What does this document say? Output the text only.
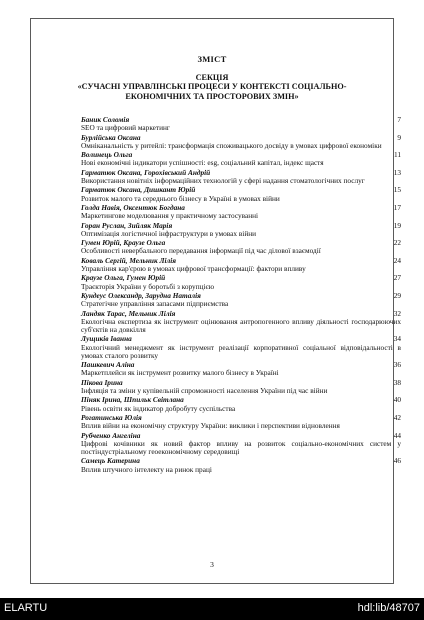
ЗМІСТ
СЕКЦІЯ
«СУЧАСНІ УПРАВЛІНСЬКІ ПРОЦЕСИ У КОНТЕКСТІ СОЦІАЛЬНО-
ЕКОНОМІЧНИХ ТА ПРОСТОРОВИХ ЗМІН»
Баник Соломія
SEO та цифровий маркетинг
7
Бурлійська Оксана
Омніканальність у ритейлі: трансформація споживацького досвіду в умовах цифрової економіки
9
Волинець Ольга
Нові економічні індикатори успішності: esg, соціальний капітал, індекс щастя
11
Гарматюк Оксана, Горохівський Андрій
Використання новітніх інформаційних технологій у сфері надання стоматологічних послуг
13
Гарматюк Оксана, Дишкант Юрій
Розвиток малого та середнього бізнесу в Україні в умовах війни
15
Голда Навія, Оксентюк Богдана
Маркетингове моделювання у практичному застосуванні
17
Горан Руслан, Зийляк Марія
Оптимізація логістичної інфраструктури в умовах війни
19
Гумен Юрій, Краузе Ольга
Особливості невербального передавання інформації під час ділової взаємодії
22
Коваль Сергій, Мельник Лілія
Управління кар'єрою в умовах цифрової трансформації: фактори впливу
24
Краузе Ольга, Гумен Юрій
Траєкторія України у боротьбі з корупцією
27
Кундеус Олександр, Зарудна Наталія
Стратегічне управління запасами підприємства
29
Ландяк Тарас, Мельник Лілія
Екологічна експертиза як інструмент оцінювання антропогенного впливу діяльності господарюючих суб'єктів на довкілля
32
Лущиків Іванна
Екологічний менеджмент як інструмент реалізації корпоративної соціальної відповідальності в умовах сталого розвитку
34
Пашкевич Аліна
Маркетплейси як інструмент розвитку малого бізнесу в Україні
36
Пікова Ірина
Інфляція та зміни у купівельній спроможності населення України під час війни
38
Піняк Ірина, Шпильк Світлана
Рівень освіти як індикатор добробуту суспільства
40
Рогатинська Юлія
Вплив війни на економічну структуру України: виклики і перспективи відновлення
42
Рубченко Ангеліна
Цифрові кочівники як новий фактор впливу на розвиток соціально-економічних систем у постіндустріальному геоекономічному середовищі
44
Самець Катерина
Вплив штучного інтелекту на ринок праці
46
3
ELARTU	hdl:lib/48707
